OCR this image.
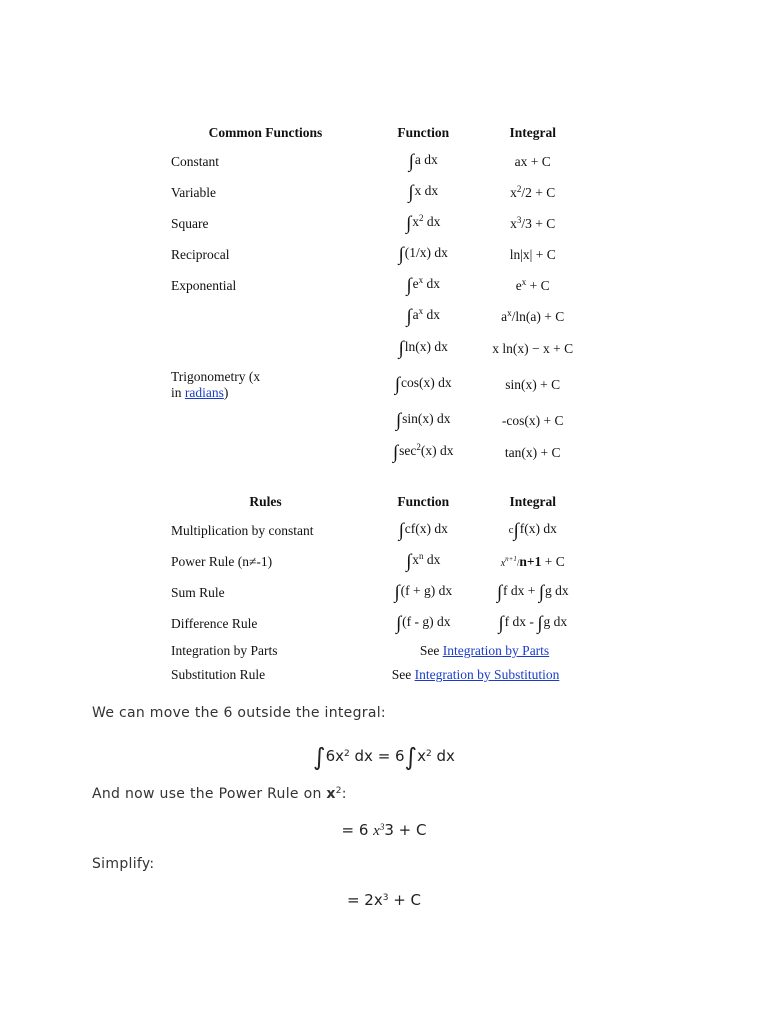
Common Functions	Function	Integral
Constant	∫a dx	ax + C
Variable	∫x dx	$x^2/2 + C$
Square	$\int x^2$ dx	$x^3/3 + C$
Reciprocal	∫(1/x) dx	ln|x| + C
Exponential	$\int e^x$ dx	$e^x + C$
	$\int a^x$ dx	$a^x/\ln(a) + C$
	∫ln(x) dx	x ln(x) − x + C
Trigonometry (x
in radians)	∫cos(x) dx	sin(x) + C
	∫sin(x) dx	-cos(x) + C
	$\int\sec^2(x)$ dx	tan(x) + C
Rules	Function	Integral
Multiplication by constant	∫cf(x) dx	c∫f(x) dx
Power Rule (n≠-1)	$\int x^n$ dx	$x^{n+1}/n+1 + C$
Sum Rule	∫(f + g) dx	∫f dx + ∫g dx
Difference Rule	∫(f - g) dx	∫f dx - ∫g dx
Integration by Parts	See Integration by Parts	
Substitution Rule	See Integration by Substitution	
We can move the 6 outside the integral:
$\int 6x^2$ dx = $6\int x^2$ dx
And now use the Power Rule on $x^2$:
= 6 $x^33 + C$
Simplify:
= $2x^3 + C$
